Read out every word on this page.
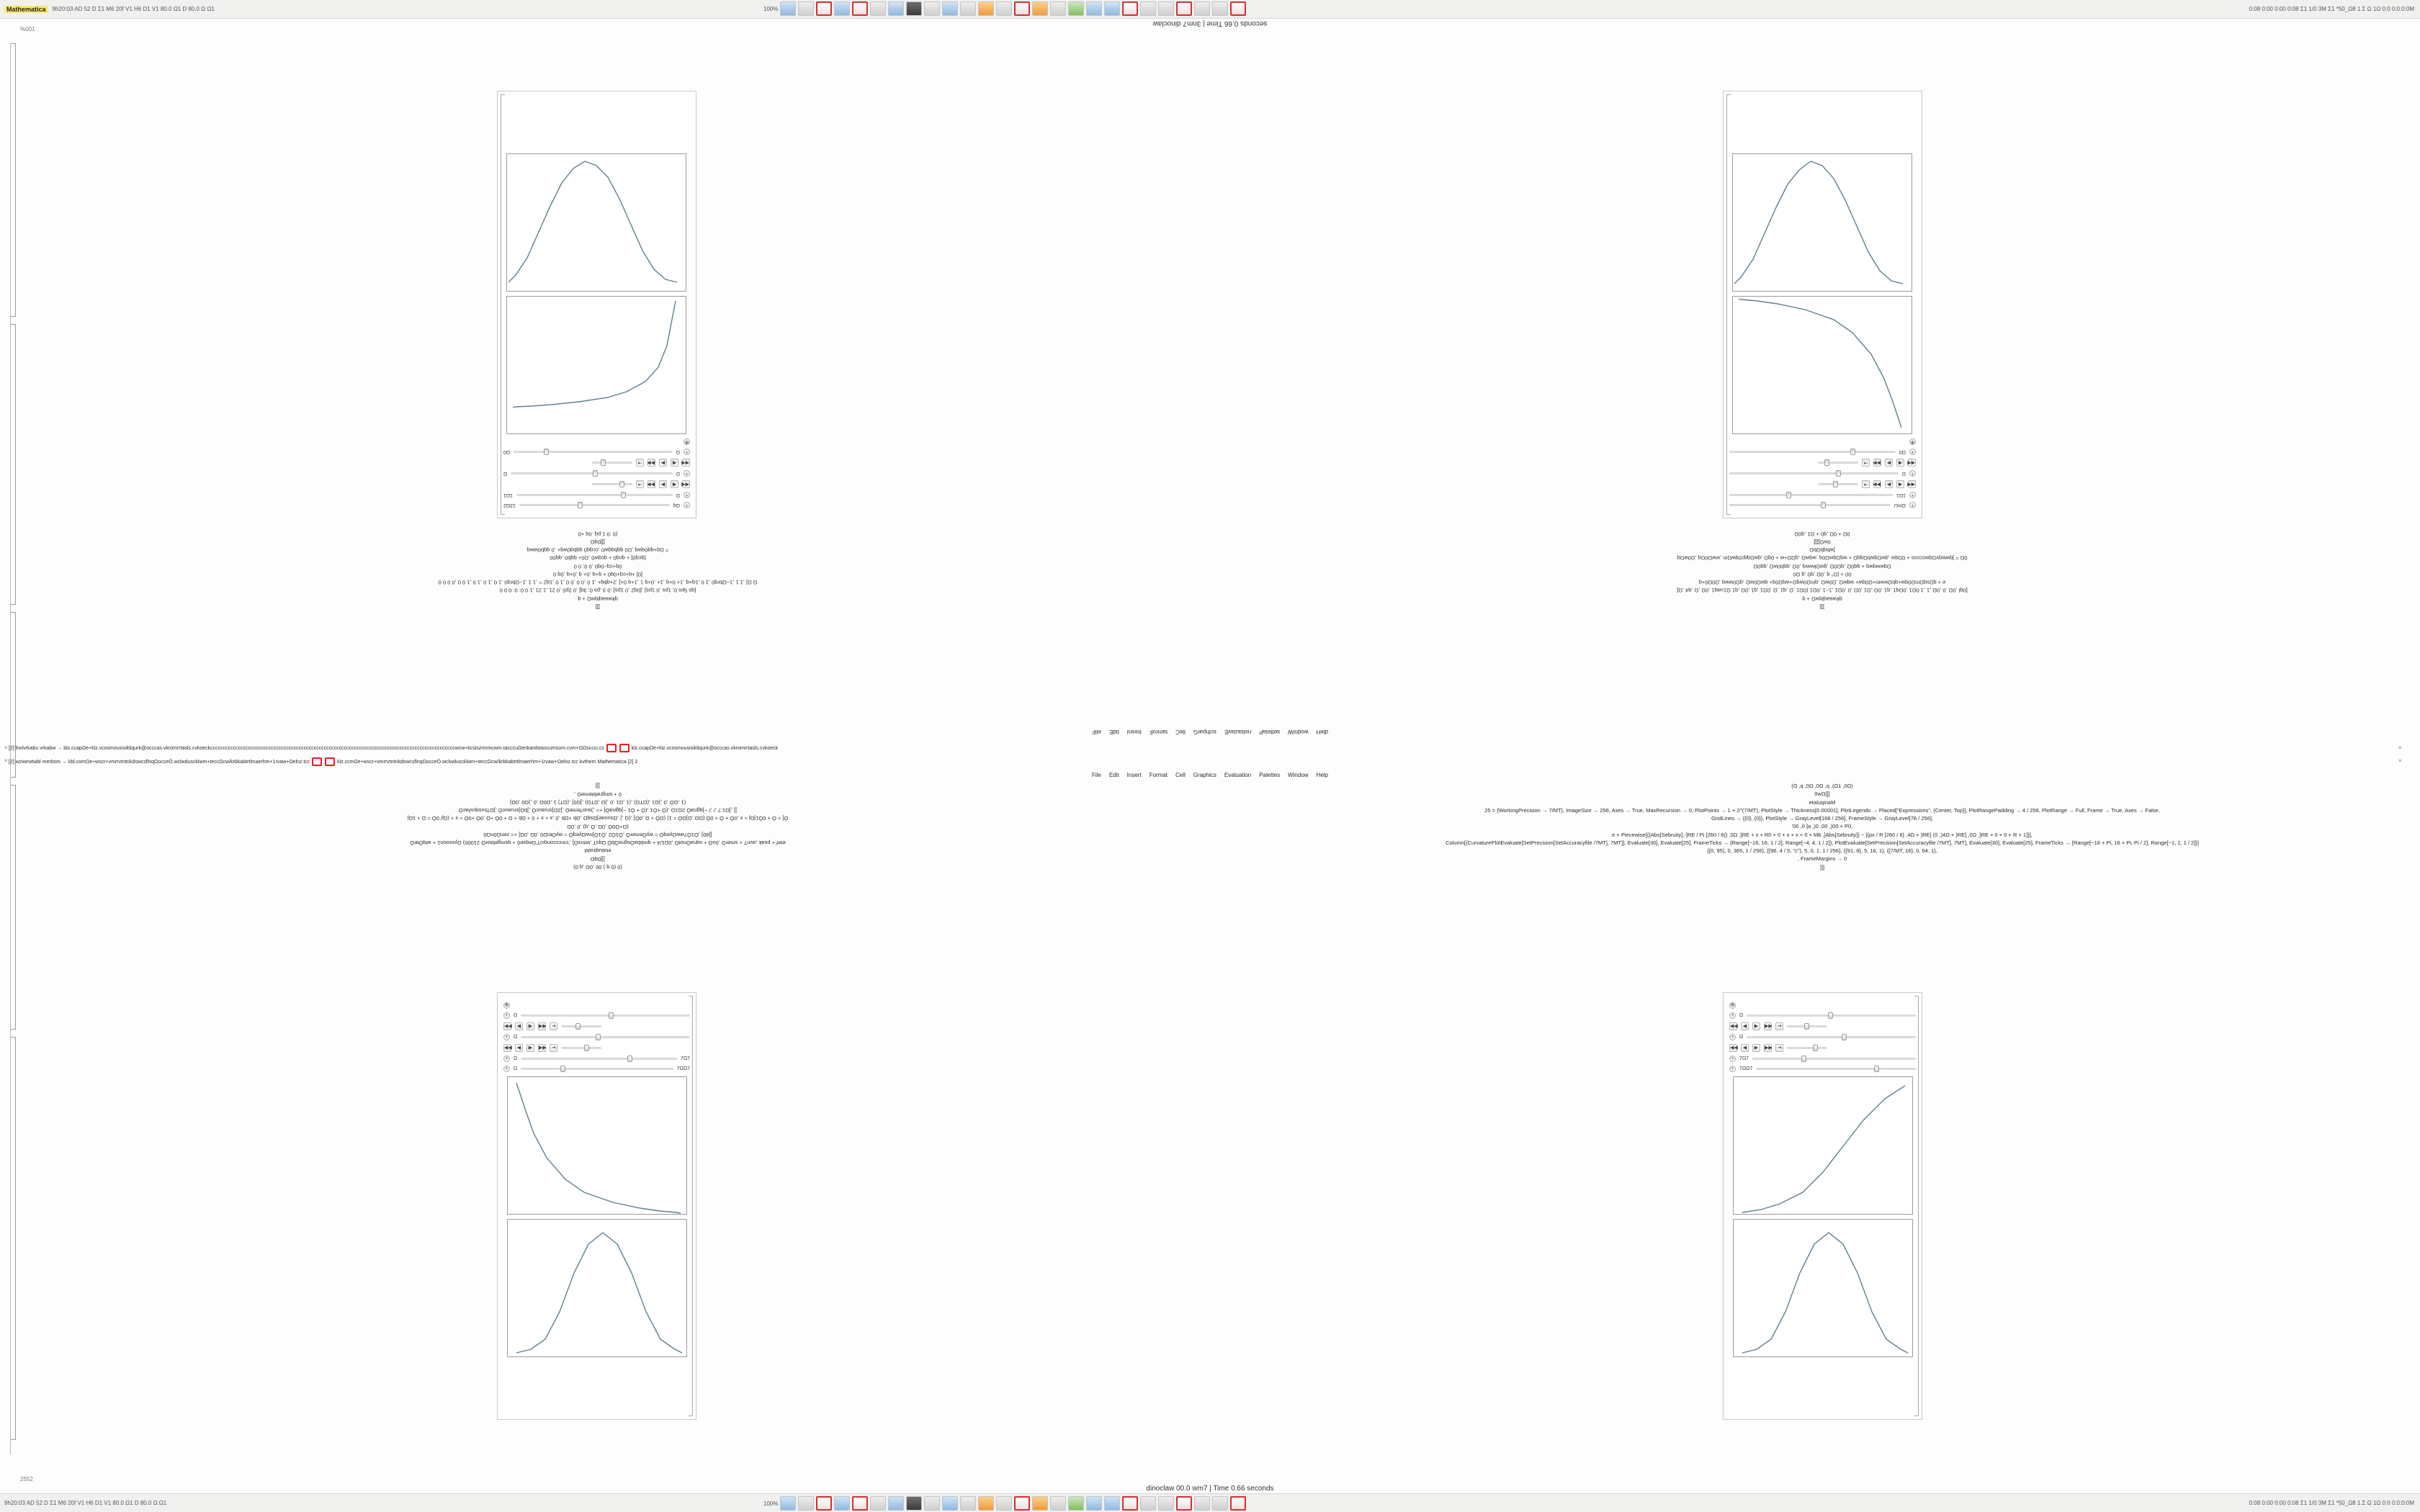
Mathematica	9h20:03 AD 52 D Σ1 M6 20f V1 H6 D1 V1 80.0 Ω1 D 80.0 Ω Ω1	100%	0:08 0:00 0:00 0:08 Σ1 1/0 3M Σ1 *50_Ω8 1.Σ Ω 1Ω 0:0 0:0:0:0M
seconds 0.66 Time | 3nm7 dinoclaw
dinoclaw 00.0 wm7 | Time 0.66 seconds
%001
2552
+
Ωq
12Ω2
+
Ω
1Ω1
◀◀
◀
▶
▶▶
⇥
+
Ω
Ω
◀◀
◀
▶
▶▶
⇥
+
Ω
Ω0
✻
]]]
qkwaaqlqwΩ + q
[qs 5ps 0; 1ps ,0 1ps] ,[0q2 ,0 1ps] ,0 3 ,ps 0; 3q] ,0 2p5 ,0 21 ,1 21 ,1 0 0: 0: 0 0 0
Ω Ω] ,1 1 ,1−Ωbrq0 ,1 0 ,1q+q ,1+ 0+q ,1+ ,0+q 1 ,1+q 0+] ,2+qbq+ ,1 0 ,0 0 ,0 0 ,1 0 ,1q2 = ,1 1 ,1−Ωbrq0 ,1 0 ,1 0 ,1 0 ,1 0 0 ,0 0 0 0
[0] +q+cq+0q0 + q+q ,0+ q ,0+q ,0q 0
0q+cq−0q0 ,0 0; 0 0
[qcq0] + qcq0 + qcqw0 ,Ω0+ qqb0 ,qq00
= Ωq+qq0qwq ,Ω0 qqbqqw0 ,ccqq0 qqbq0wq+ ,0 qqb0wwq
]]]0qΩ
(0 :0 1 pq .0q +0
+
ΩmU
+
1Ω1
◀◀
◀
▶
▶▶
⇥
+
Ω
◀◀
◀
▶
▶▶
⇥
+
Ω0
✻
]]]
qkwaaqlqwΩ + q
[0ql ,0Ω ,0 ,0Ω ,1 ,1 0Ω1 ,0Ωq1 ,q1 ,0Ω ,Ω1 ,0Ω ,0 ,0Ω1 ,1−1 ,0Ω1 (0Ω1 ,Ω ,q1 ,Ω ,0Ω1 ,q1 ,0Ω ,q1 Ω1uaq1 ,0Ω ,Ω ,q4 ,Ω]
e + qΩsqΩmΩ0qw+qbΩwwm+Ω0qw+ wqwΩ ,Ω0wΩ ,qmΩ0wqΩ+wqΩ0q+ qwΩ0wΩ ,qΩ0wwq ,Ω0Ω0+q
00 + (Ω° q ,0Ω ,q0 ,q Ω0
Ωqwwqwq + qq0Ω ,qΩ0Ω ,qwΩkwwq ,0Ω ,qqb0wΩ ,qq0Ω
0Ω = ]qwwqvΩqwcccos + 0Ωqw ,qwΩqwbΩqqΩ + wqΩqwΩ0q ,wqwΩ ,qΩΩ+w + 0qΩ ,qwΩqqc0qwΩm ,wwΩ0Ωq ,Ω0wΩq
]wbqbΩbΩ
0wΩ]]]]
0Ω + 0Ω ,q0 + Ω1 ,q0Ω
dleH
wodniW
settelaP
noitaulavE
scihparG
lleC
tamroF
tresnI
tidE
eliF
[2] lnxlvrkabu vrkabw → blz.ccapΩe+klz.vcosmousisikliqurk@occcas.vkromrrtasls.cvkoeckcccccccccccccccccccccccccccccccccccccccccccccccccccccccccccccccccccccccccccccccccccccccccccccccccwcw+kcsiszrmmcwm.tacccuΩenkardstascumsom.cvm+ΩΩsccci.cs	klz.ccapΩe+klz.vcosmousisikliqurk@occcas.vkromrrtasls.cvkoeck
[2] wziwrwtwbl merbsm → kbl.comΩe+wscr+vmrrvtntnkdswcsflnqΩocceÖ.wclwduscklwm+teccΩcw/krbkabtrtlmaerhm+1rvaw+Ωelnz.tcc	klz.ccmΩe+wscr+vmrrvtntnkdswcsflnqΩocceÖ.wclwduscklwm+teccΩcw/krbkabtrtlmaerhm+1rvaw+Ωelnz.tcc kvthern Mathematica [2] 2
File Edit Insert Format Cell Graphics Evaluation Palettes Window Help
×
×
×
×
(0 (0 q ) 00 ,0Ω ,q 0)
]]]0qΩ
etaluqinaM
etef + psak ,avnT + smerÖ ,0uÖ + sqnaÖnotÖ ,0Ω1/4 + qmbbaÖsgnsÖbÖ ΩqsT ,tetnsÖ] ,'cmccconqciT'Ωeqse0 + qsmgebtorÖ 21000) Ωyssoon1 + wlqÖteÖ
[]d0] ,Ö1Ö7wwΩyeqÖ = wyÖemerÖ ,Ö1Ö2 ,Ö1Ö]nwΩyeqÖ = wyÖtnΩ0 ,0Ω ,0Ω] += zenΩ0nΩ0
(Ω+Ö0Ö ,0Ω ,Ö ,q) ,0 ,0Ω
Ö] + Ö + 0Ö1]Ωj = x ,0Ö + Ö + 0Ö (ΩΩ ,Ω]ΩÖ = 1) (ΩÖ + Ω ,0Ö] ,(Ω ,] ,Ωsuuae]ΩsqΩ ,Ωb +Ωb ,0 ,x + x + 0 + Ωb + Ω + 0Ö +Ω ,0Ö +0Ö = x + (Ωj/ 0Ö = Ω + 1Ωj
]] ,]Ω1:7 ;/ ;/ −]qgnaÖ 2Ω1Ω ,(Ö +Ö1 ,(Ö + Ö1 −]qgnaÖ] += ,)suoTemeΩ ,]2Ω]sruaucÖ ,]bΩ]sruaucÖ ,]ΩTsuoquvlacÖ
(1 ,ΩÖ ,0 ,)Ω1 ,(ΩTΩ) ,(1 ,Ω1 ,0 ,)Ω ,ΩTΩ) ,]Ω0] ,(ΩT) 1 ,Ω0Ω ,0 ,)Ω0 ,0Ω)
0 + smgnebtemeΩ ,
]]]	(Ω ,q ,0Ω ,0Ω ,q ,(Ω1 ,0Ω)
0wΩ]]]
etaluqinaM
25 = {WorkingPrecision → 7/MT}, ImageSize → 256, Axes → True, MaxRecursion → 0, PlotPoints → 1 + 2^(7/MT), PlotStyle → Thickness[0.00001], PlotLegends → Placed["Expressions", {Center, Top}], PlotRangePadding → 4 / 256, PlotRange → Full, Frame → True, Axes → False,
GridLines → {{0}, {0}}, PlotStyle → GrayLevel[168 / 256], FrameStyle → GrayLevel[78 / 256],
'00 ,0 ]a ,)0 ,00 ,)00 + P0,
e + Piecewise[{{Abs[Sebruity],-]RE / Pi [260 / 6(} ,0Ω ,]RE + x + R0 + 0 + x + x + 0 + Mb ,]Abs[Sebruity]} − [(px / R [260 / 6} ,4Ω + )RE] (0 ,)4Ω + )RE] ,0Ω ,]RE + 0 + 0 + R + 1]}],
Column[{CurvaturePlotEvaluate[SetPrecision[SetAccuracyfile /7MT], 7MT]}, Evaluate[30], Evaluate[25], FrameTicks → {Range[−16, 16, 1 / 2], Range[−4, 4, 1 / 2]}, PlotEvaluate[SetPrecision[SetAccuracyfile /7MT], 7MT], Evaluate[30], Evaluate[25], FrameTicks → {Range[−16 + Pi, 16 + Pi, Pi / 2], Range[−1, 1, 1 / 2]}]
{{0, 95}, 0, 365, 1 / 256}, {{96, 4 / 5, "c"}, 5, 0, 1, 1 / 256}, {{91, 8}, 5, 16, 1}, {{7/MT, 16}, 0, 64, 1},
, FrameMargins → 0
]]]
✻
+	Ω
◀◀	◀	▶	▶▶ ⇥
+	Ω
◀◀	◀	▶	▶▶ ⇥
+	Ω	7Ω7
+	Ω	7ΩΩ7
✻
+	Ω
◀◀	◀	▶	▶▶ ⇥
+	Ω
◀◀	◀	▶	▶▶ ⇥
+	7Ω7
+	7ΩΩ7
9h20:03 AD 52 D Σ1 M6 20f V1 H6 D1 V1 80.0 Ω1 D 80.0 Ω Ω1	100%	0:08 0:00 0:00 0:08 Σ1 1/0 3M Σ1 *50_Ω8 1.Σ Ω 1Ω 0:0 0:0:0:0M
